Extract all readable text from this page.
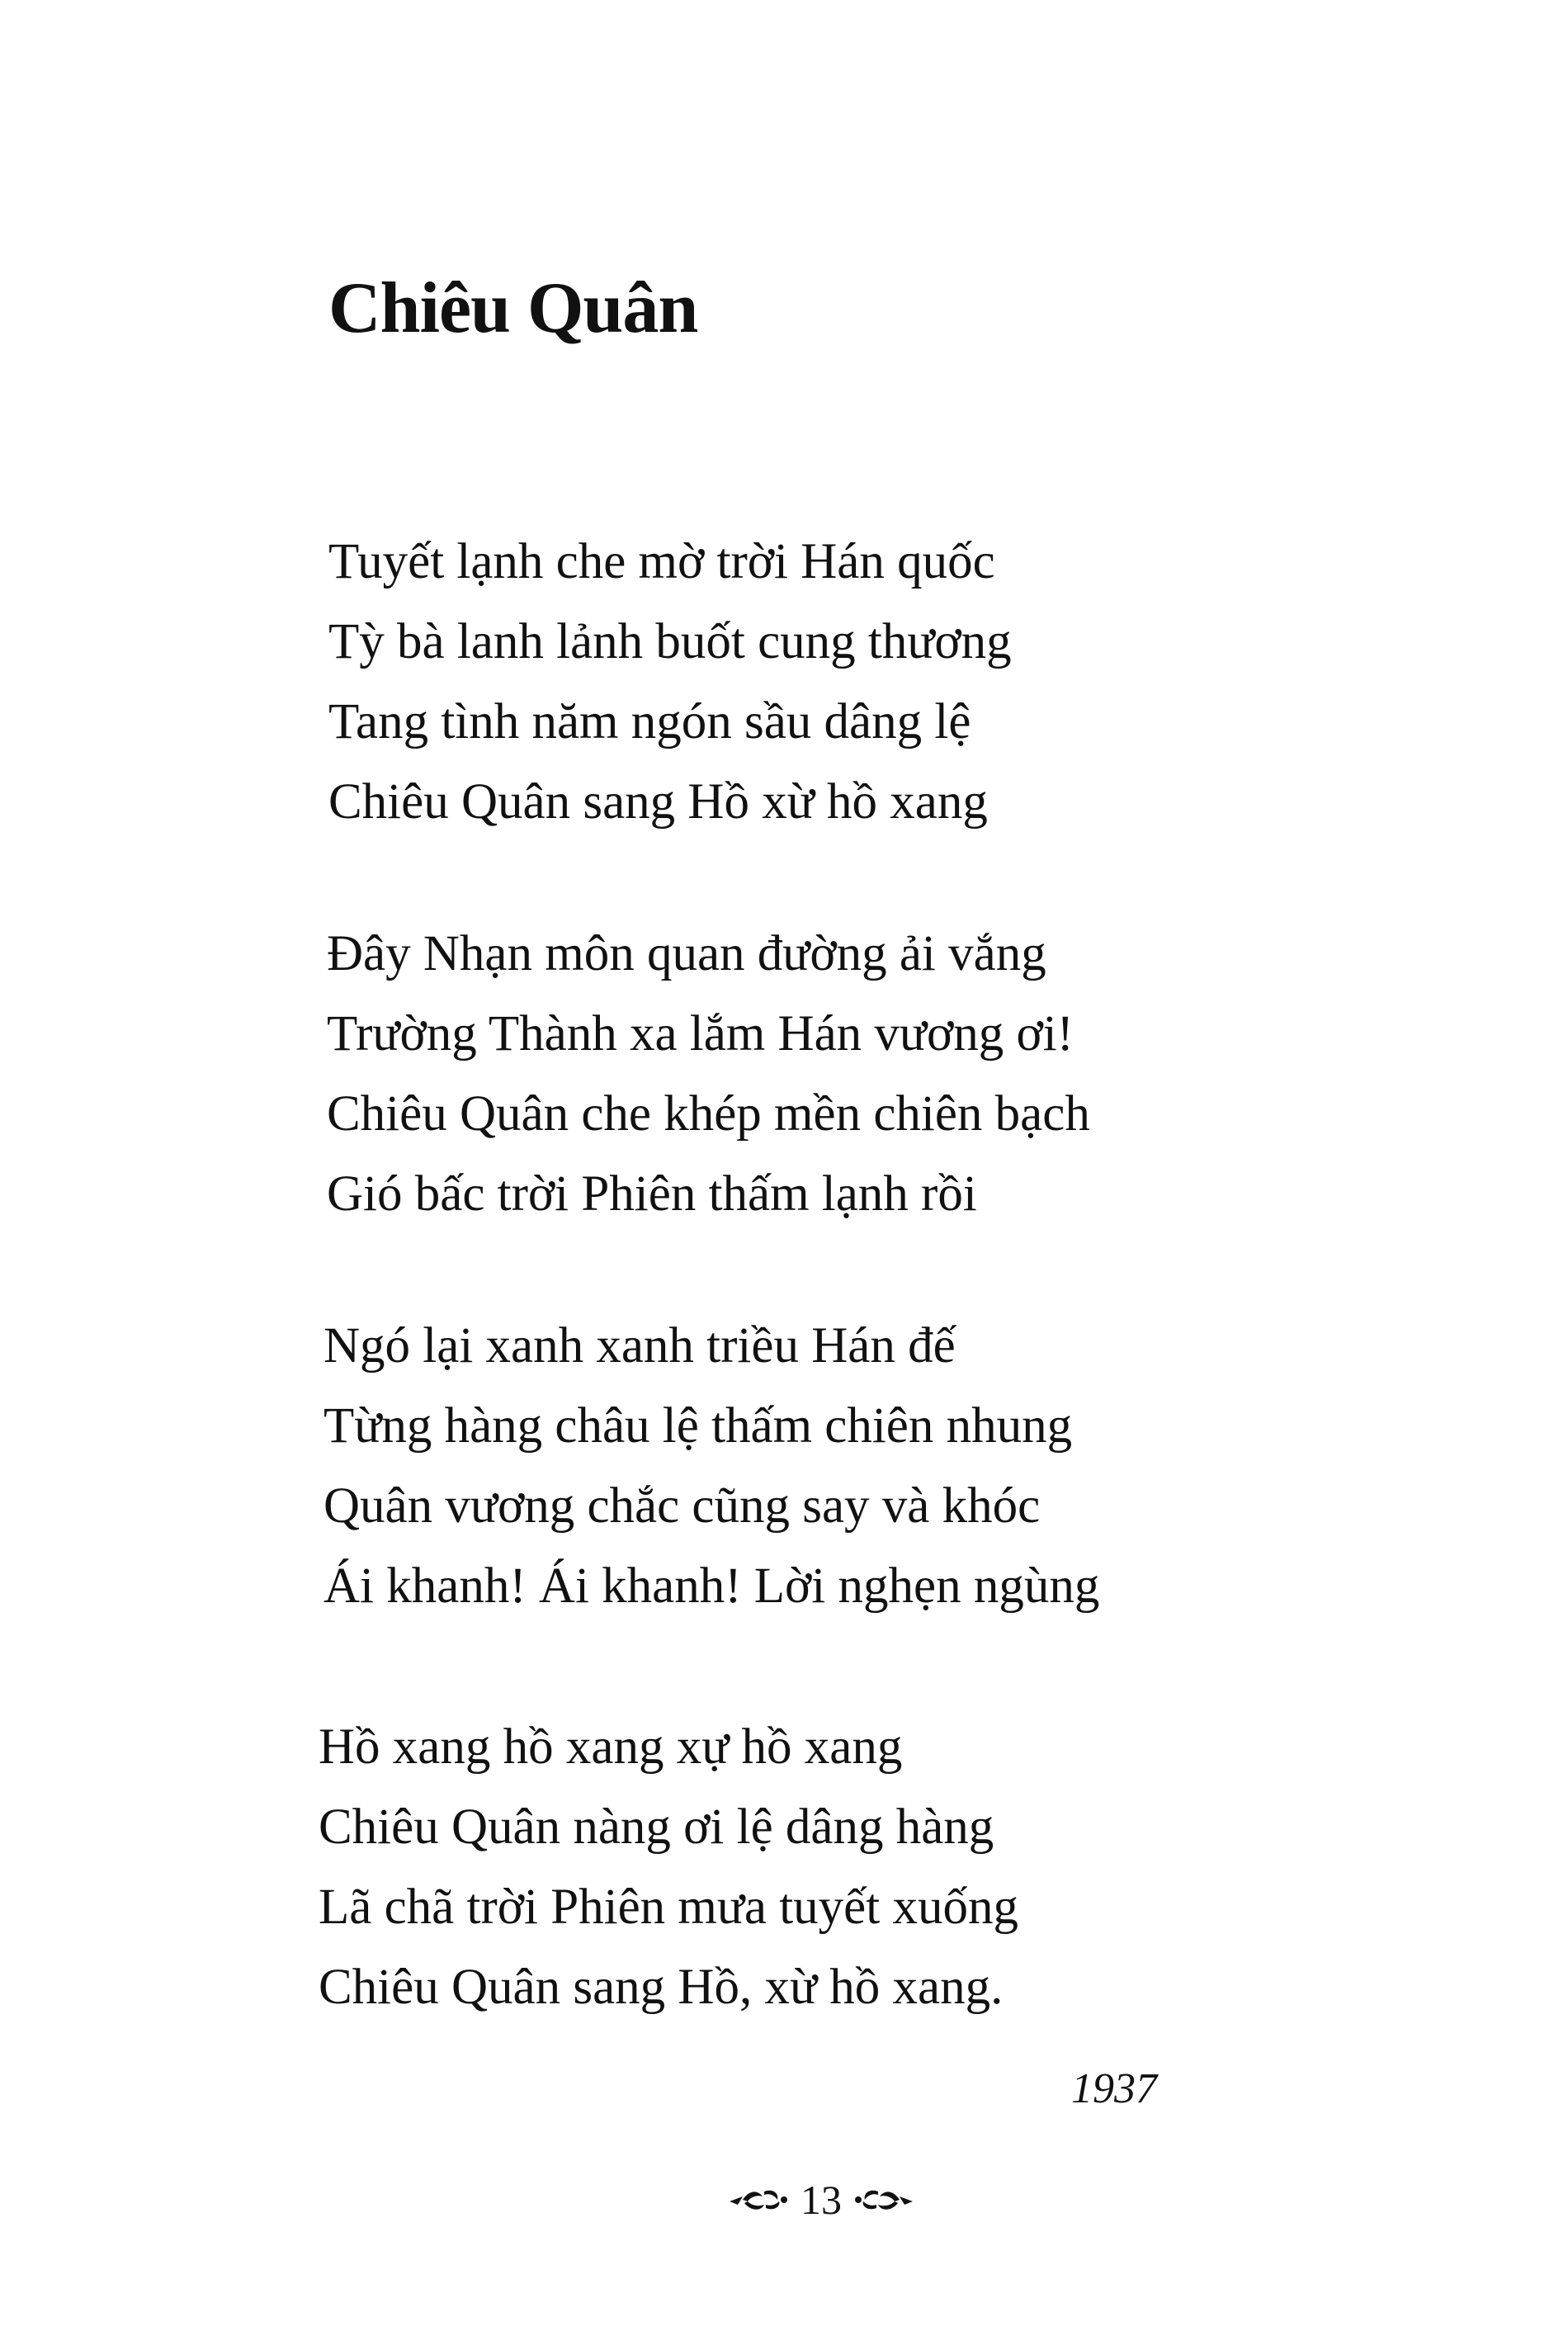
Chiêu Quân
Tuyết lạnh che mờ trời Hán quốc
Tỳ bà lanh lảnh buốt cung thương
Tang tình năm ngón sầu dâng lệ
Chiêu Quân sang Hồ xừ hồ xang
Đây Nhạn môn quan đường ải vắng
Trường Thành xa lắm Hán vương ơi!
Chiêu Quân che khép mền chiên bạch
Gió bấc trời Phiên thấm lạnh rồi
Ngó lại xanh xanh triều Hán đế
Từng hàng châu lệ thấm chiên nhung
Quân vương chắc cũng say và khóc
Ái khanh! Ái khanh! Lời nghẹn ngùng
Hồ xang hồ xang xự hồ xang
Chiêu Quân nàng ơi lệ dâng hàng
Lã chã trời Phiên mưa tuyết xuống
Chiêu Quân sang Hồ, xừ hồ xang.
1937
13
